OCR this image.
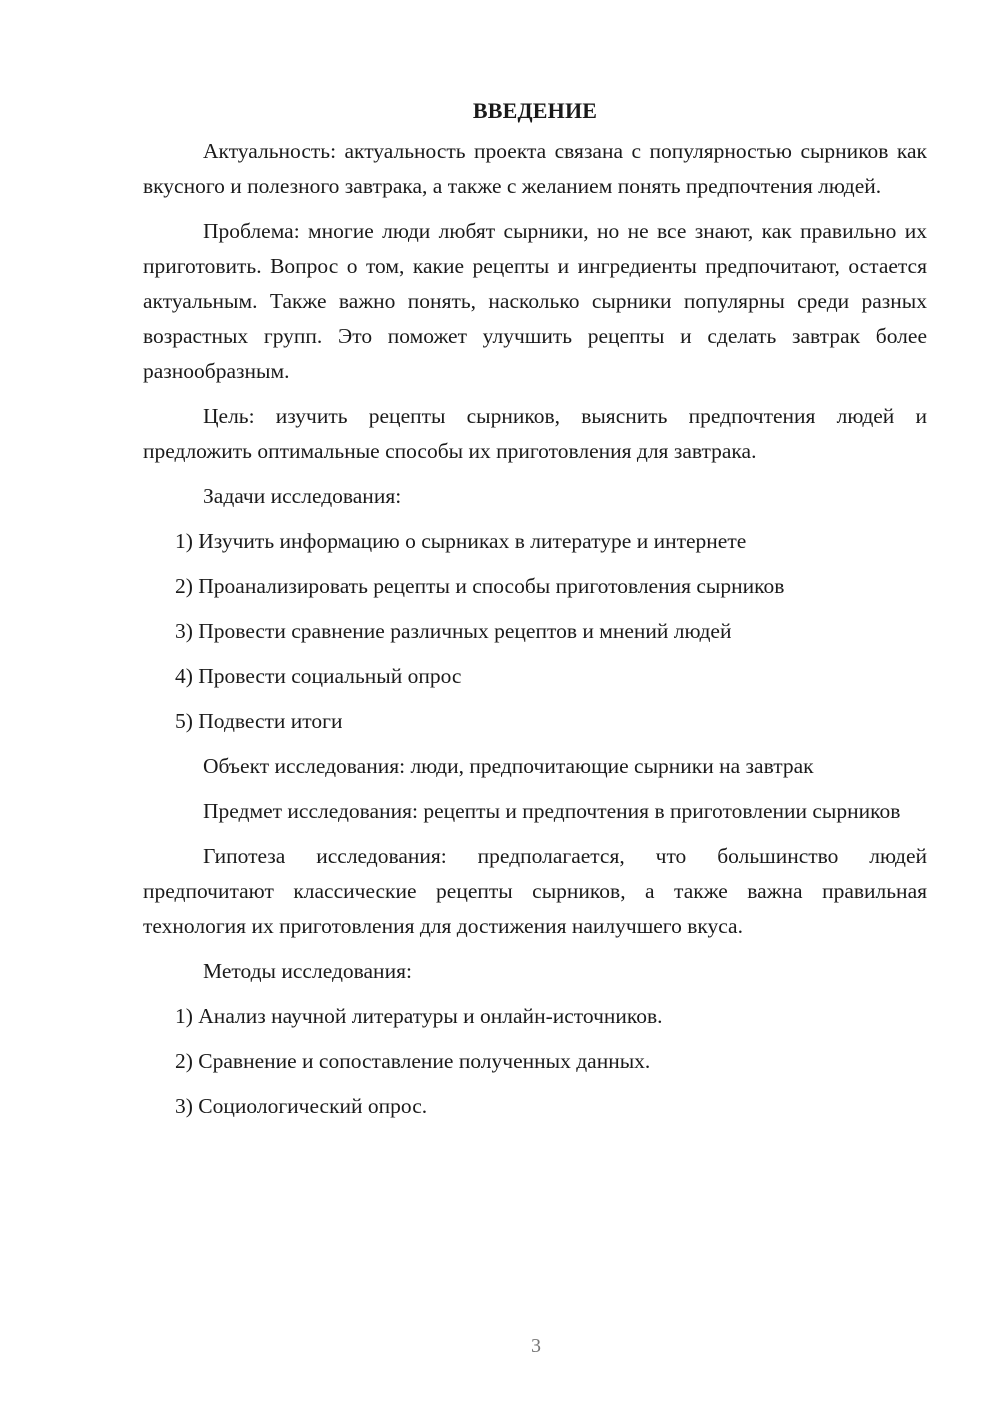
ВВЕДЕНИЕ

Актуальность: актуальность проекта связана с популярностью сырников как вкусного и полезного завтрака, а также с желанием понять предпочтения людей.

Проблема: многие люди любят сырники, но не все знают, как правильно их приготовить. Вопрос о том, какие рецепты и ингредиенты предпочитают, остается актуальным. Также важно понять, насколько сырники популярны среди разных возрастных групп. Это поможет улучшить рецепты и сделать завтрак более разнообразным.

Цель: изучить рецепты сырников, выяснить предпочтения людей и предложить оптимальные способы их приготовления для завтрака.

Задачи исследования:
1) Изучить информацию о сырниках в литературе и интернете
2) Проанализировать рецепты и способы приготовления сырников
3) Провести сравнение различных рецептов и мнений людей
4) Провести социальный опрос
5) Подвести итоги
Объект исследования: люди, предпочитающие сырники на завтрак

Предмет исследования: рецепты и предпочтения в приготовлении сырников

Гипотеза исследования: предполагается, что большинство людей предпочитают классические рецепты сырников, а также важна правильная технология их приготовления для достижения наилучшего вкуса.

Методы исследования:
1) Анализ научной литературы и онлайн-источников.
2) Сравнение и сопоставление полученных данных.
3) Социологический опрос.
3
